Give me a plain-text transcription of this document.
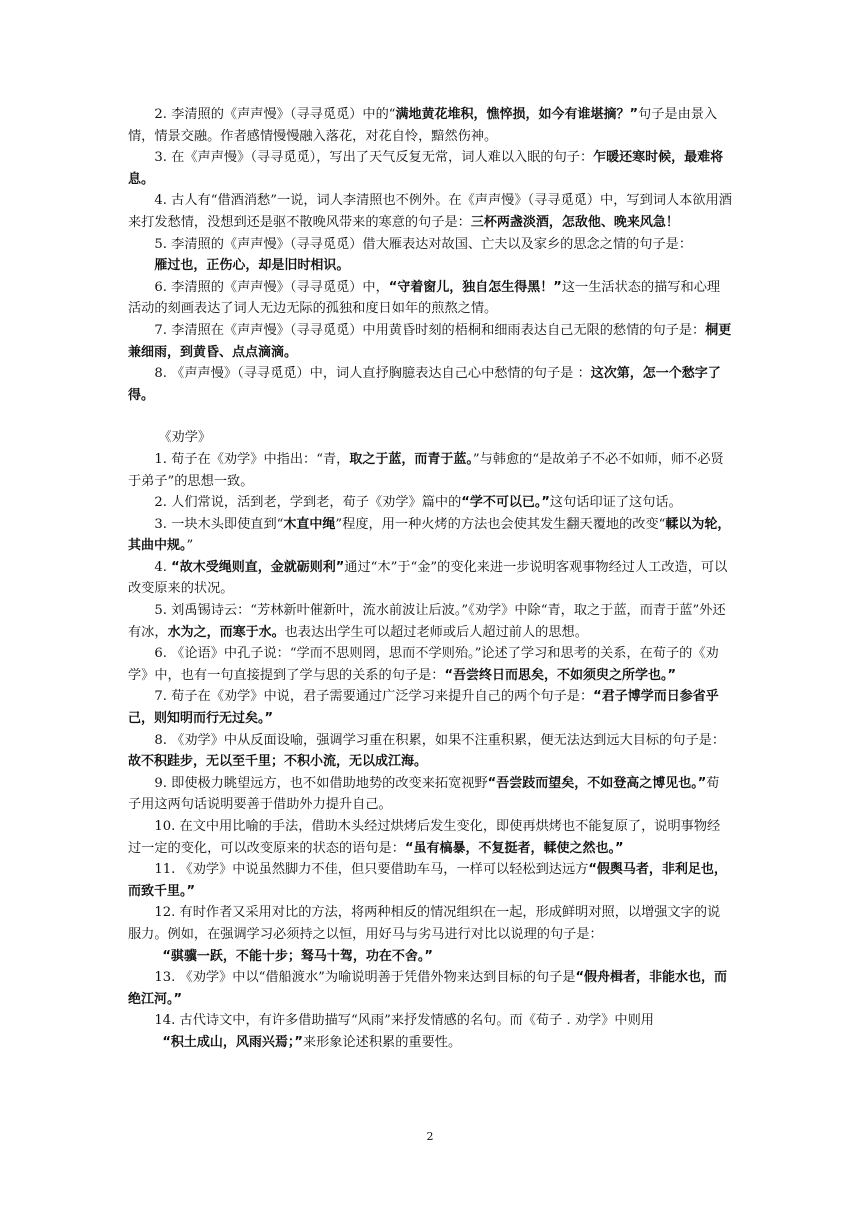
2. 李清照的《声声慢》（寻寻觅觅）中的“满地黄花堆积，憔悴损，如今有谁堪摘？”句子是由景入情，情景交融。作者感情慢慢融入落花，对花自怜，黯然伤神。

3. 在《声声慢》（寻寻觅觅），写出了天气反复无常，词人难以入眠的句子：乍暖还寒时候，最难将息。

4. 古人有“借酒消愁”一说，词人李清照也不例外。在《声声慢》（寻寻觅觅）中，写到词人本欲用酒来打发愁情，没想到还是驱不散晚风带来的寒意的句子是：三杯两盏淡酒，怎敌他、晚来风急！

5. 李清照的《声声慢》（寻寻觅觅）借大雁表达对故国、亡夫以及家乡的思念之情的句子是：

雁过也，正伤心，却是旧时相识。

6. 李清照的《声声慢》（寻寻觅觅）中，“守着窗儿，独自怎生得黑！”这一生活状态的描写和心理活动的刻画表达了词人无边无际的孤独和度日如年的煎熬之情。

7. 李清照在《声声慢》（寻寻觅觅）中用黄昏时刻的梧桐和细雨表达自己无限的愁情的句子是：桐更兼细雨，到黄昏、点点滴滴。

8. 《声声慢》（寻寻觅觅）中，词人直抒胸臆表达自己心中愁情的句子是 ：这次第，怎一个愁字了得。

《劝学》

1. 荀子在《劝学》中指出：“青，取之于蓝，而青于蓝。”与韩愈的“是故弟子不必不如师，师不必贤于弟子”的思想一致。

2. 人们常说，活到老，学到老，荀子《劝学》篇中的“学不可以已。”这句话印证了这句话。

3. 一块木头即使直到“木直中绳”程度，用一种火烤的方法也会使其发生翻天覆地的改变“輮以为轮，其曲中规。”

4. “故木受绳则直，金就砺则利”通过“木”于“金”的变化来进一步说明客观事物经过人工改造，可以改变原来的状况。

5. 刘禹锡诗云：“芳林新叶催新叶，流水前波让后波。”《劝学》中除“青，取之于蓝，而青于蓝”外还有冰，水为之，而寒于水。也表达出学生可以超过老师或后人超过前人的思想。

6. 《论语》中孔子说：“学而不思则罔，思而不学则殆。”论述了学习和思考的关系，在荀子的《劝学》中，也有一句直接提到了学与思的关系的句子是：“吾尝终日而思矣，不如须臾之所学也。”

7. 荀子在《劝学》中说，君子需要通过广泛学习来提升自己的两个句子是：“君子博学而日参省乎己，则知明而行无过矣。”

8. 《劝学》中从反面设喻，强调学习重在积累，如果不注重积累，便无法达到远大目标的句子是：故不积跬步，无以至千里；不积小流，无以成江海。

9. 即使极力眺望远方，也不如借助地势的改变来拓宽视野“吾尝跂而望矣，不如登高之博见也。”荀子用这两句话说明要善于借助外力提升自己。

10. 在文中用比喻的手法，借助木头经过烘烤后发生变化，即使再烘烤也不能复原了，说明事物经过一定的变化，可以改变原来的状态的语句是：“虽有槁暴，不复挺者，輮使之然也。”

11. 《劝学》中说虽然脚力不佳，但只要借助车马，一样可以轻松到达远方“假舆马者，非利足也，而致千里。”

12. 有时作者又采用对比的方法，将两种相反的情况组织在一起，形成鲜明对照，以增强文字的说服力。例如，在强调学习必须持之以恒，用好马与劣马进行对比以说理的句子是：

“骐骥一跃，不能十步；驽马十驾，功在不舍。”

13. 《劝学》中以“借船渡水”为喻说明善于凭借外物来达到目标的句子是“假舟楫者，非能水也，而绝江河。”

14. 古代诗文中，有许多借助描写“风雨”来抒发情感的名句。而《荀子 . 劝学》中则用

“积土成山，风雨兴焉；”来形象论述积累的重要性。

2
